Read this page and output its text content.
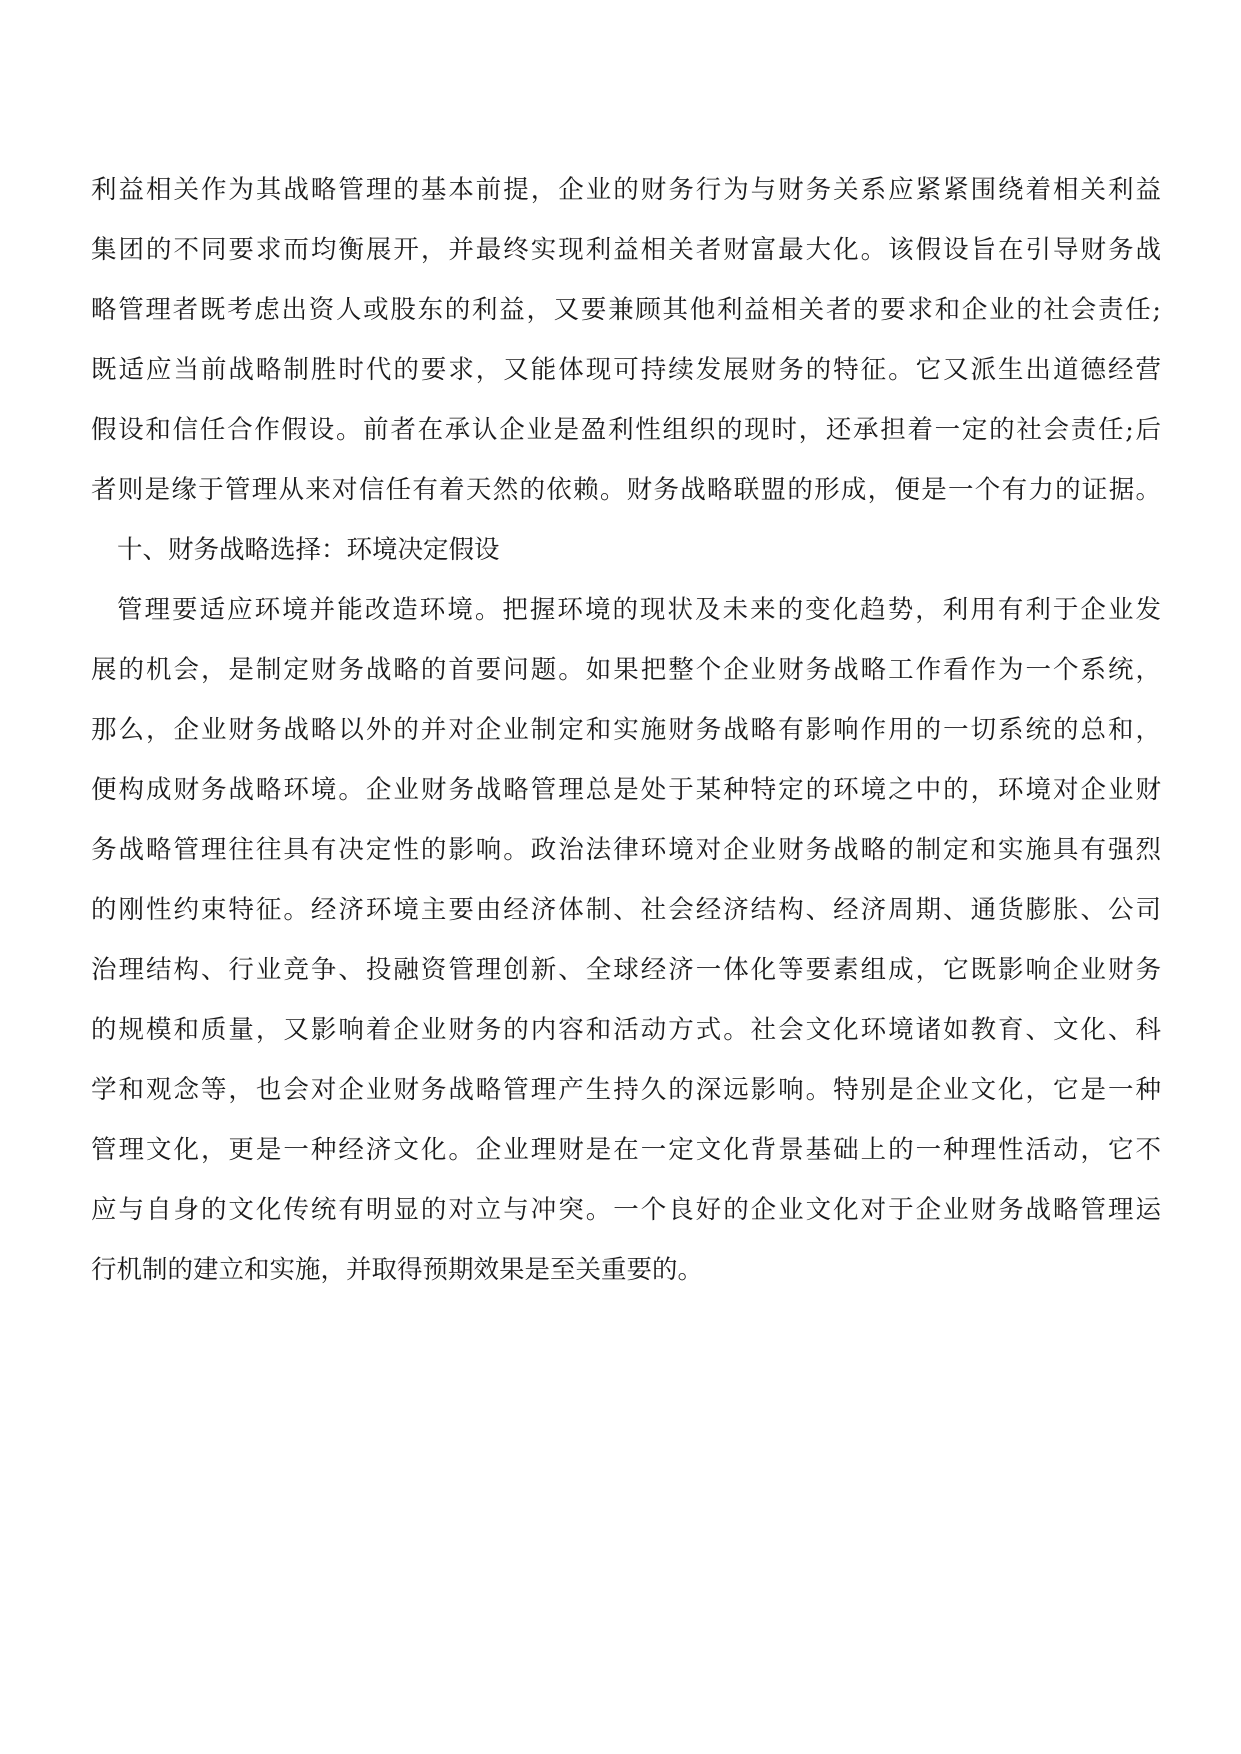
利益相关作为其战略管理的基本前提，企业的财务行为与财务关系应紧紧围绕着相关利益
集团的不同要求而均衡展开，并最终实现利益相关者财富最大化。该假设旨在引导财务战
略管理者既考虑出资人或股东的利益，又要兼顾其他利益相关者的要求和企业的社会责任;
既适应当前战略制胜时代的要求，又能体现可持续发展财务的特征。它又派生出道德经营
假设和信任合作假设。前者在承认企业是盈利性组织的现时，还承担着一定的社会责任;后
者则是缘于管理从来对信任有着天然的依赖。财务战略联盟的形成，便是一个有力的证据。
十、财务战略选择：环境决定假设
管理要适应环境并能改造环境。把握环境的现状及未来的变化趋势，利用有利于企业发
展的机会，是制定财务战略的首要问题。如果把整个企业财务战略工作看作为一个系统，
那么，企业财务战略以外的并对企业制定和实施财务战略有影响作用的一切系统的总和，
便构成财务战略环境。企业财务战略管理总是处于某种特定的环境之中的，环境对企业财
务战略管理往往具有决定性的影响。政治法律环境对企业财务战略的制定和实施具有强烈
的刚性约束特征。经济环境主要由经济体制、社会经济结构、经济周期、通货膨胀、公司
治理结构、行业竞争、投融资管理创新、全球经济一体化等要素组成，它既影响企业财务
的规模和质量，又影响着企业财务的内容和活动方式。社会文化环境诸如教育、文化、科
学和观念等，也会对企业财务战略管理产生持久的深远影响。特别是企业文化，它是一种
管理文化，更是一种经济文化。企业理财是在一定文化背景基础上的一种理性活动，它不
应与自身的文化传统有明显的对立与冲突。一个良好的企业文化对于企业财务战略管理运
行机制的建立和实施，并取得预期效果是至关重要的。
